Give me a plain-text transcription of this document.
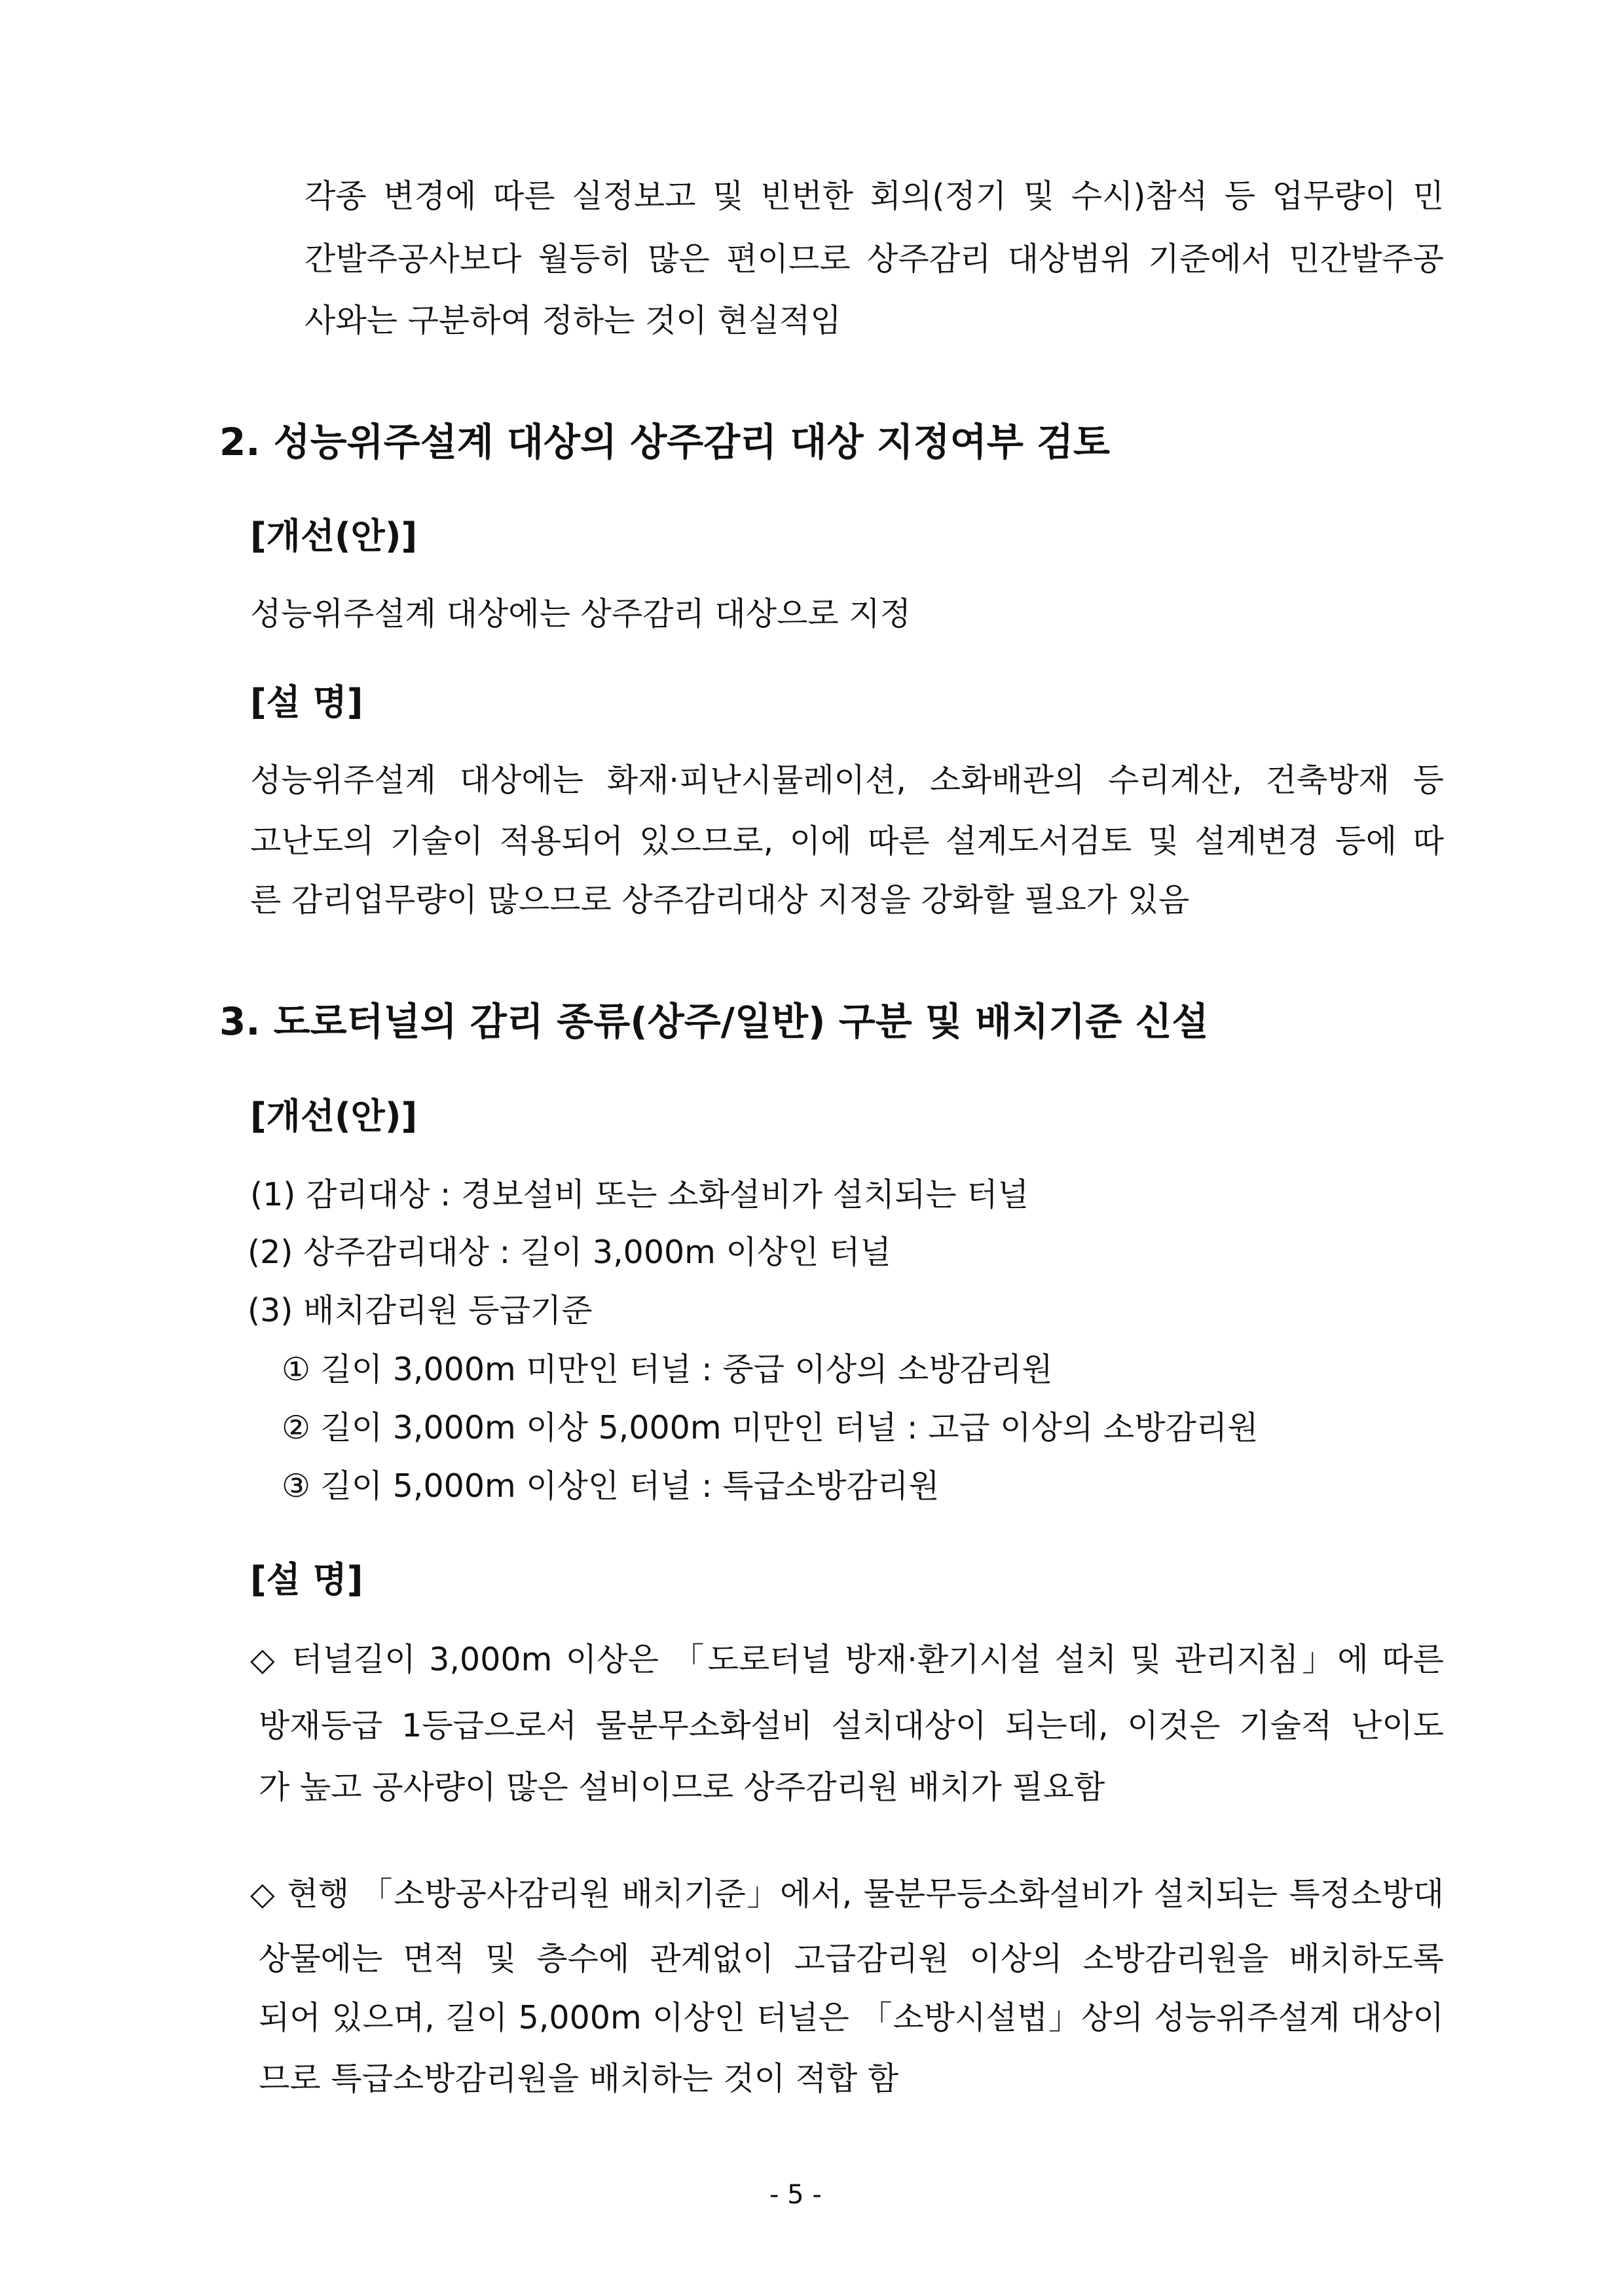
각종 변경에 따른 실정보고 및 빈번한 회의(정기 및 수시)참석 등 업무량이 민
간발주공사보다 월등히 많은 편이므로 상주감리 대상범위 기준에서 민간발주공
사와는 구분하여 정하는 것이 현실적임
2. 성능위주설계 대상의 상주감리 대상 지정여부 검토
[개선(안)]
성능위주설계 대상에는 상주감리 대상으로 지정
[설 명]
성능위주설계 대상에는 화재·피난시뮬레이션, 소화배관의 수리계산, 건축방재 등
고난도의 기술이 적용되어 있으므로, 이에 따른 설계도서검토 및 설계변경 등에 따
른 감리업무량이 많으므로 상주감리대상 지정을 강화할 필요가 있음
3. 도로터널의 감리 종류(상주/일반) 구분 및 배치기준 신설
[개선(안)]
(1) 감리대상 : 경보설비 또는 소화설비가 설치되는 터널
(2) 상주감리대상 : 길이 3,000m 이상인 터널
(3) 배치감리원 등급기준
① 길이 3,000m 미만인 터널 : 중급 이상의 소방감리원
② 길이 3,000m 이상 5,000m 미만인 터널 : 고급 이상의 소방감리원
③ 길이 5,000m 이상인 터널 : 특급소방감리원
[설 명]
◇ 터널길이 3,000m 이상은 「도로터널 방재·환기시설 설치 및 관리지침」에 따른
방재등급 1등급으로서 물분무소화설비 설치대상이 되는데, 이것은 기술적 난이도
가 높고 공사량이 많은 설비이므로 상주감리원 배치가 필요함
◇ 현행 「소방공사감리원 배치기준」에서, 물분무등소화설비가 설치되는 특정소방대
상물에는 면적 및 층수에 관계없이 고급감리원 이상의 소방감리원을 배치하도록
되어 있으며, 길이 5,000m 이상인 터널은 「소방시설법」상의 성능위주설계 대상이
므로 특급소방감리원을 배치하는 것이 적합 함
- 5 -
